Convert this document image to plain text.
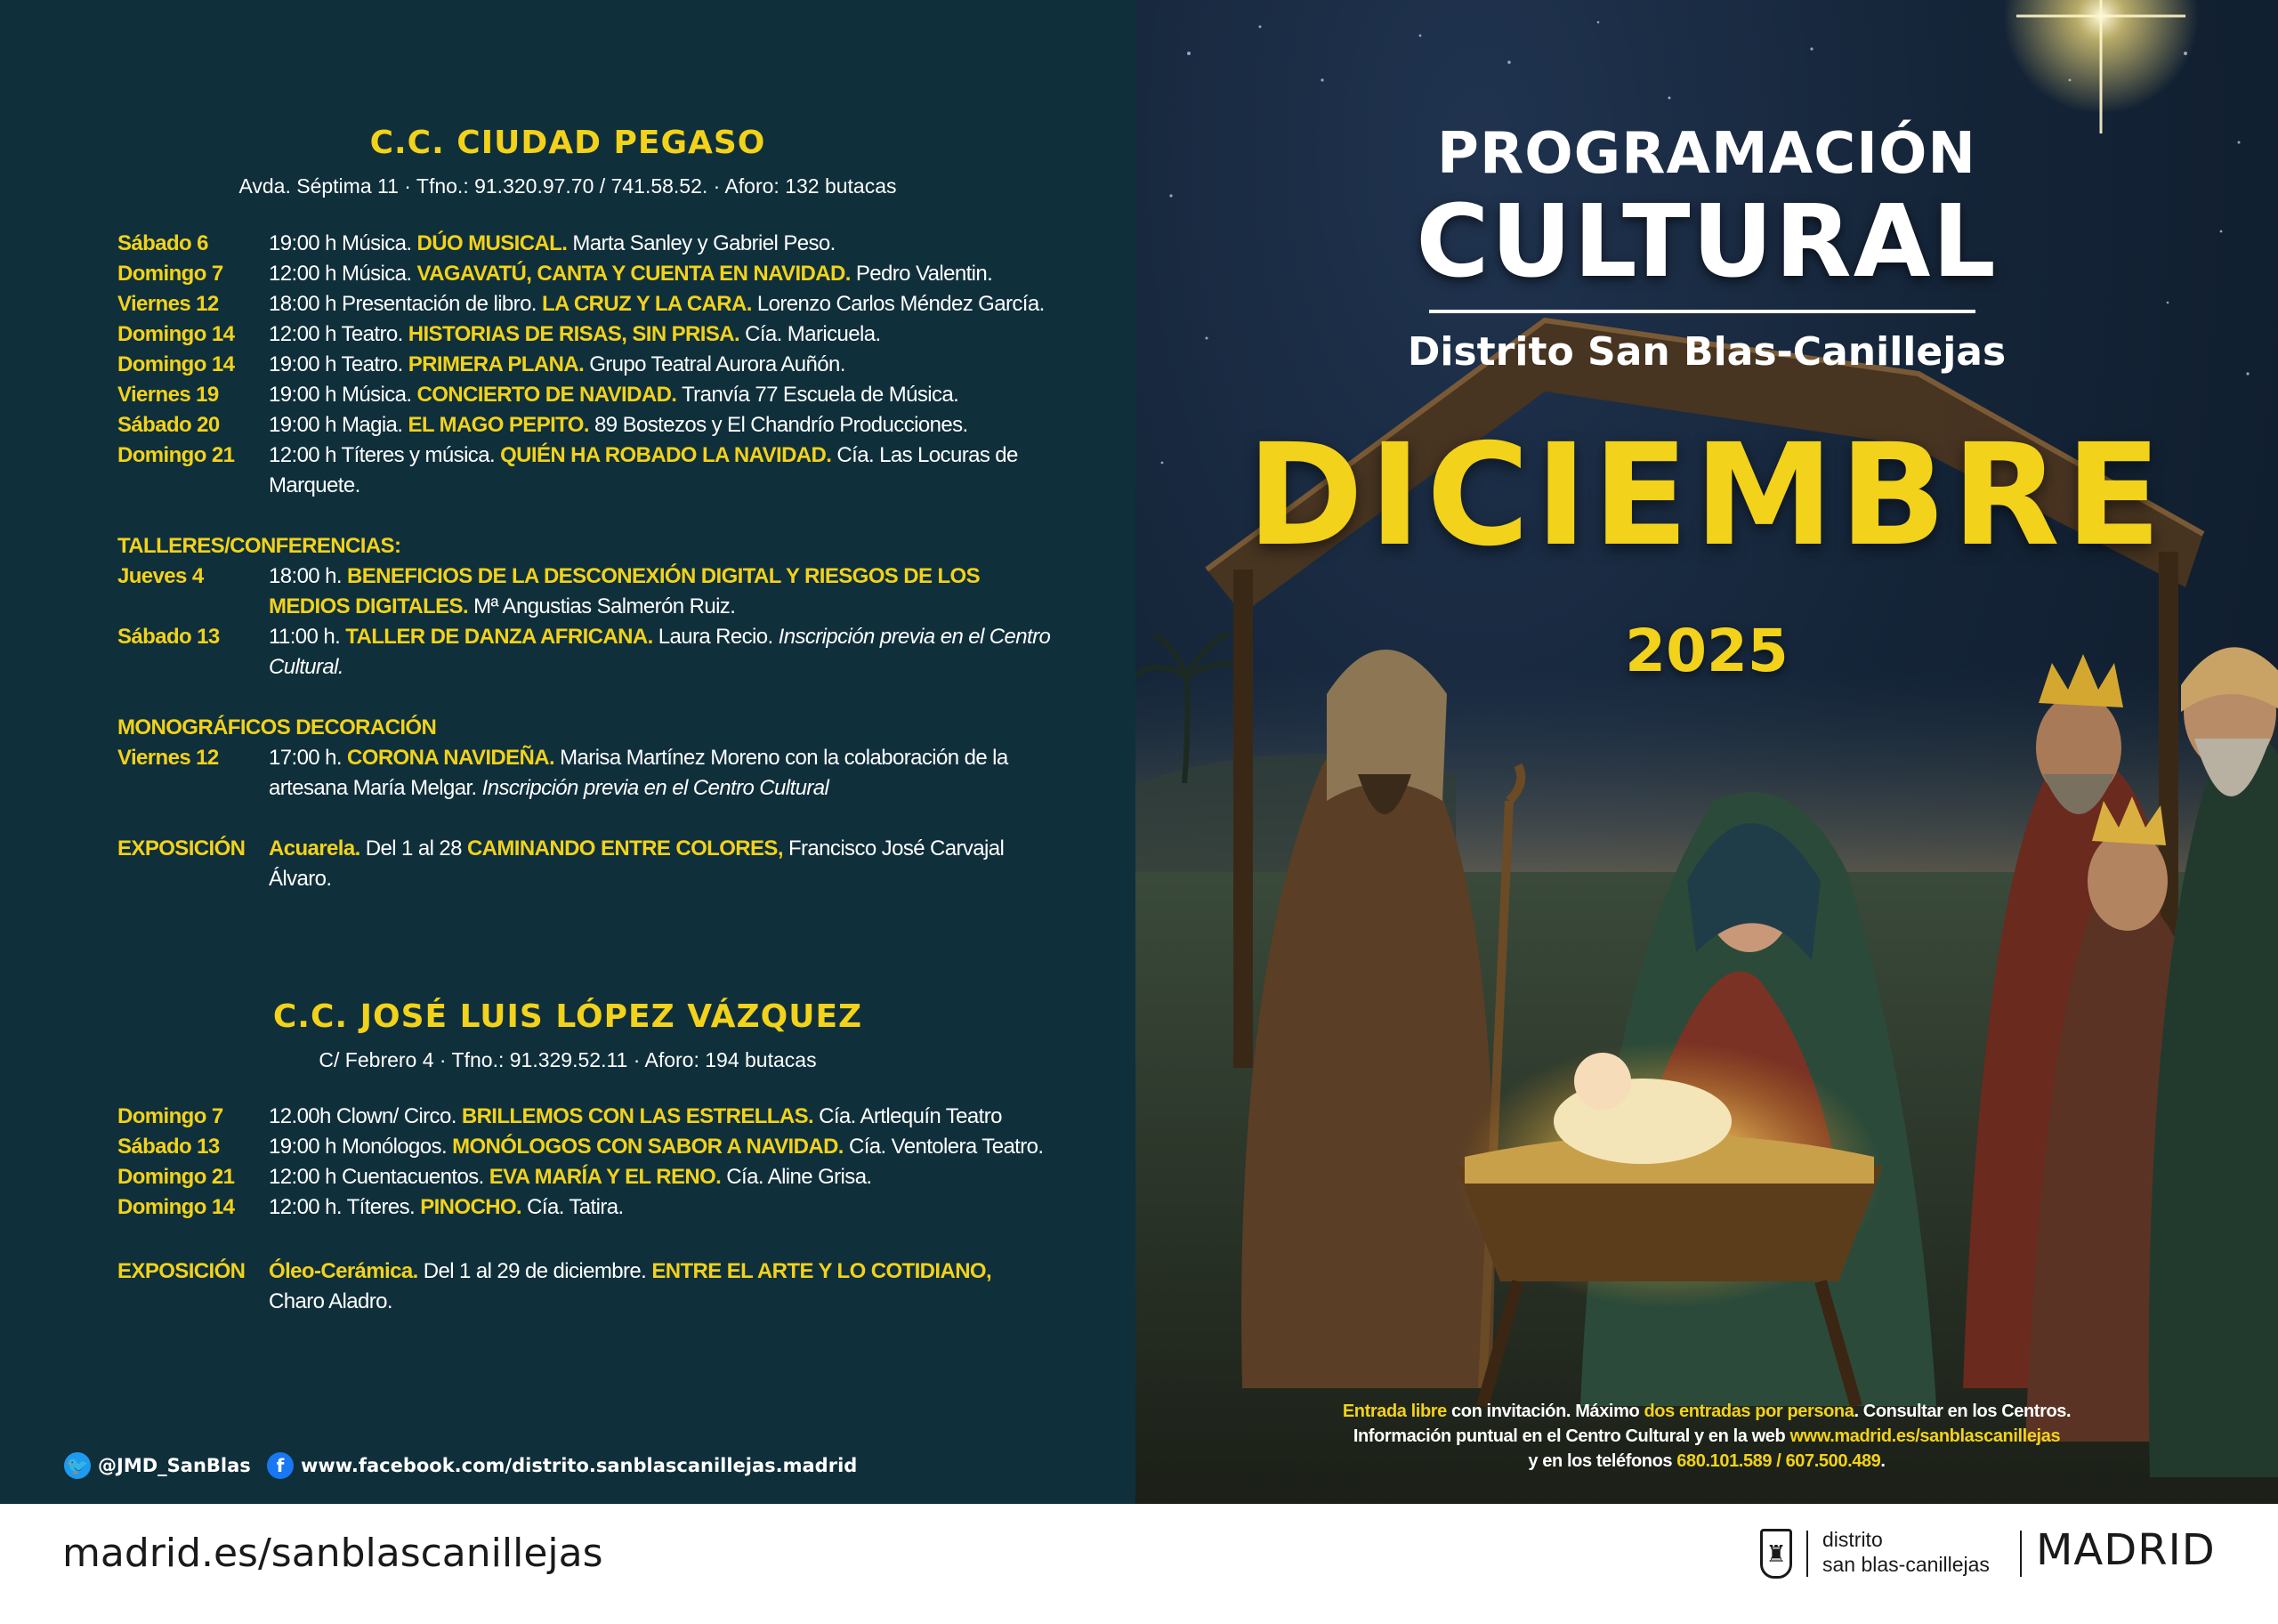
C.C. CIUDAD PEGASO
Avda. Séptima 11 · Tfno.: 91.320.97.70 / 741.58.52. · Aforo: 132 butacas
Sábado 6	19:00 h Música. DÚO MUSICAL. Marta Sanley y Gabriel Peso.
Domingo 7	12:00 h Música. VAGAVATÚ, CANTA Y CUENTA EN NAVIDAD. Pedro Valentin.
Viernes 12	18:00 h Presentación de libro. LA CRUZ Y LA CARA. Lorenzo Carlos Méndez García.
Domingo 14	12:00 h Teatro. HISTORIAS DE RISAS, SIN PRISA. Cía. Maricuela.
Domingo 14	19:00 h Teatro. PRIMERA PLANA. Grupo Teatral Aurora Auñón.
Viernes 19	19:00 h Música. CONCIERTO DE NAVIDAD. Tranvía 77 Escuela de Música.
Sábado 20	19:00 h Magia. EL MAGO PEPITO. 89 Bostezos y El Chandrío Producciones.
Domingo 21	12:00 h Títeres y música. QUIÉN HA ROBADO LA NAVIDAD. Cía. Las Locuras de Marquete.
TALLERES/CONFERENCIAS:
Jueves 4	18:00 h. BENEFICIOS DE LA DESCONEXIÓN DIGITAL Y RIESGOS DE LOS MEDIOS DIGITALES. Mª Angustias Salmerón Ruiz.
Sábado 13	11:00 h. TALLER DE DANZA AFRICANA. Laura Recio. Inscripción previa en el Centro Cultural.
MONOGRÁFICOS DECORACIÓN
Viernes 12	17:00 h. CORONA NAVIDEÑA. Marisa Martínez Moreno con la colaboración de la artesana María Melgar. Inscripción previa en el Centro Cultural
EXPOSICIÓN	Acuarela. Del 1 al 28 CAMINANDO ENTRE COLORES, Francisco José Carvajal Álvaro.
C.C. JOSÉ LUIS LÓPEZ VÁZQUEZ
C/ Febrero 4 · Tfno.: 91.329.52.11 · Aforo: 194 butacas
Domingo 7	12.00h Clown/ Circo. BRILLEMOS CON LAS ESTRELLAS. Cía. Artlequín Teatro
Sábado 13	19:00 h Monólogos. MONÓLOGOS CON SABOR A NAVIDAD. Cía. Ventolera Teatro.
Domingo 21	12:00 h Cuentacuentos. EVA MARÍA Y EL RENO. Cía. Aline Grisa.
Domingo 14	12:00 h. Títeres. PINOCHO. Cía. Tatira.
EXPOSICIÓN	Óleo-Cerámica. Del 1 al 29 de diciembre. ENTRE EL ARTE Y LO COTIDIANO, Charo Aladro.
🐦 @JMD_SanBlas	f www.facebook.com/distrito.sanblascanillejas.madrid
PROGRAMACIÓN
CULTURAL
Distrito San Blas-Canillejas
DICIEMBRE
2025
Entrada libre con invitación. Máximo dos entradas por persona. Consultar en los Centros.
Información puntual en el Centro Cultural y en la web www.madrid.es/sanblascanillejas
y en los teléfonos 680.101.589 / 607.500.489.
madrid.es/sanblascanillejas	♜
distrito
san blas-canillejas MADRID
